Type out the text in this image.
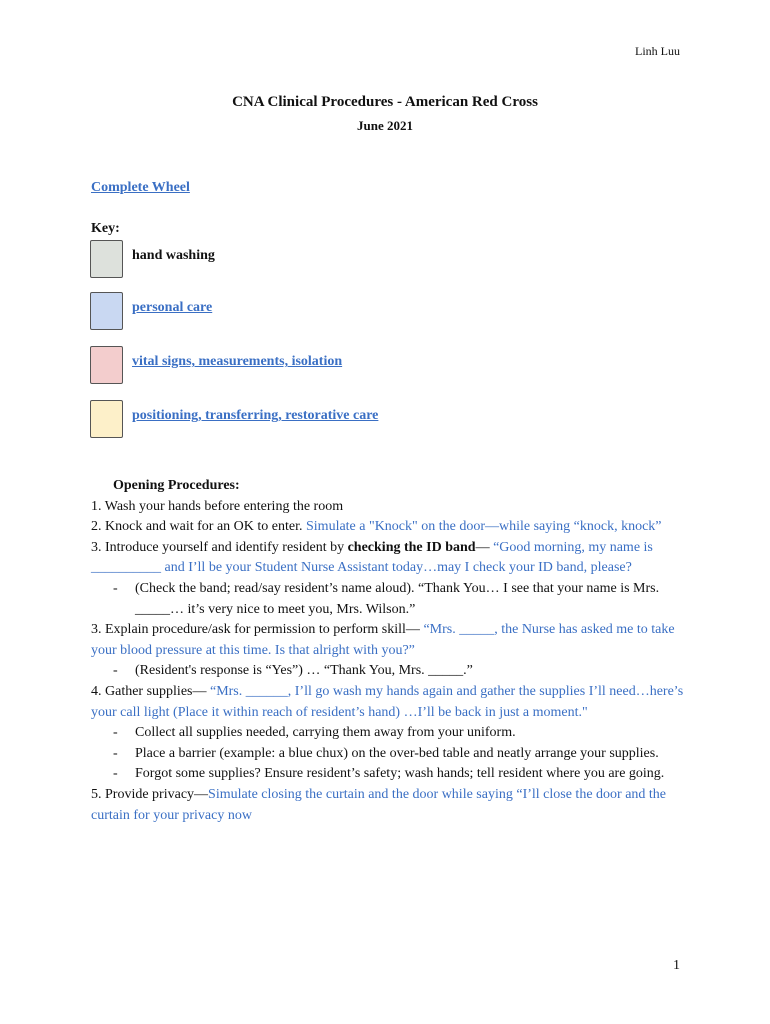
Linh Luu
CNA Clinical Procedures - American Red Cross
June 2021
Complete Wheel
Key:
hand washing
personal care
vital signs, measurements, isolation
positioning, transferring, restorative care

Opening Procedures:

1. Wash your hands before entering the room

2. Knock and wait for an OK to enter. Simulate a "Knock" on the door—while saying “knock, knock”

3. Introduce yourself and identify resident by checking the ID band— “Good morning, my name is __________ and I’ll be your Student Nurse Assistant today…may I check your ID band, please?

- (Check the band; read/say resident’s name aloud). “Thank You… I see that your name is Mrs. _____… it’s very nice to meet you, Mrs. Wilson.”

3. Explain procedure/ask for permission to perform skill— “Mrs. _____, the Nurse has asked me to take your blood pressure at this time. Is that alright with you?”

- (Resident's response is “Yes”) … “Thank You, Mrs. _____.”

4. Gather supplies— “Mrs. ______, I’ll go wash my hands again and gather the supplies I’ll need…here’s your call light (Place it within reach of resident’s hand) …I’ll be back in just a moment."

- Collect all supplies needed, carrying them away from your uniform.
- Place a barrier (example: a blue chux) on the over-bed table and neatly arrange your supplies.
- Forgot some supplies? Ensure resident’s safety; wash hands; tell resident where you are going.

5. Provide privacy—Simulate closing the curtain and the door while saying “I’ll close the door and the curtain for your privacy now

1
